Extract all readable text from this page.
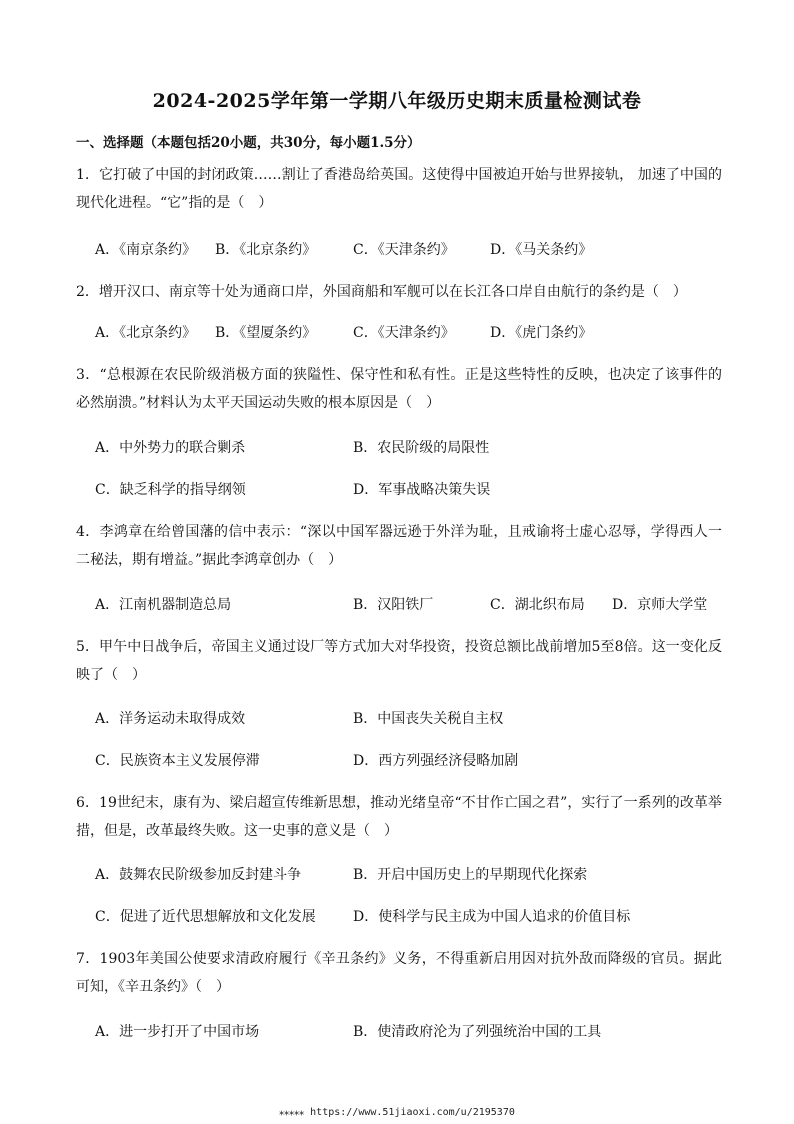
2024-2025学年第一学期八年级历史期末质量检测试卷
一、选择题（本题包括20小题，共30分，每小题1.5分）
1．它打破了中国的封闭政策……割让了香港岛给英国。这使得中国被迫开始与世界接轨， 加速了中国的现代化进程。“它”指的是（　）
A．《南京条约》 B．《北京条约》	C．《天津条约》	D．《马关条约》
2．增开汉口、南京等十处为通商口岸，外国商船和军舰可以在长江各口岸自由航行的条约是（　）
A．《北京条约》 B．《望厦条约》	C．《天津条约》	D．《虎门条约》
3．“总根源在农民阶级消极方面的狭隘性、保守性和私有性。正是这些特性的反映，也决定了该事件的必然崩溃。”材料认为太平天国运动失败的根本原因是（　）
A．中外势力的联合剿杀	B．农民阶级的局限性
C．缺乏科学的指导纲领	D．军事战略决策失误
4．李鸿章在给曾国藩的信中表示：“深以中国军器远逊于外洋为耻，且戒谕将士虚心忍辱，学得西人一二秘法，期有增益。”据此李鸿章创办（　）
A．江南机器制造总局	B．汉阳铁厂	C．湖北织布局 D．京师大学堂
5．甲午中日战争后，帝国主义通过设厂等方式加大对华投资，投资总额比战前增加5至8倍。这一变化反映了（　）
A．洋务运动未取得成效	B．中国丧失关税自主权
C．民族资本主义发展停滞	D．西方列强经济侵略加剧
6．19世纪末，康有为、梁启超宣传维新思想，推动光绪皇帝“不甘作亡国之君”，实行了一系列的改革举措，但是，改革最终失败。这一史事的意义是（　）
A．鼓舞农民阶级参加反封建斗争	B．开启中国历史上的早期现代化探索
C．促进了近代思想解放和文化发展	D．使科学与民主成为中国人追求的价值目标
7．1903年美国公使要求清政府履行《辛丑条约》义务，不得重新启用因对抗外敌而降级的官员。据此可知，《辛丑条约》（　）
A．进一步打开了中国市场	B．使清政府沦为了列强统治中国的工具
⁎⁎⁎⁎⁎ https://www.51jiaoxi.com/u/2195370
